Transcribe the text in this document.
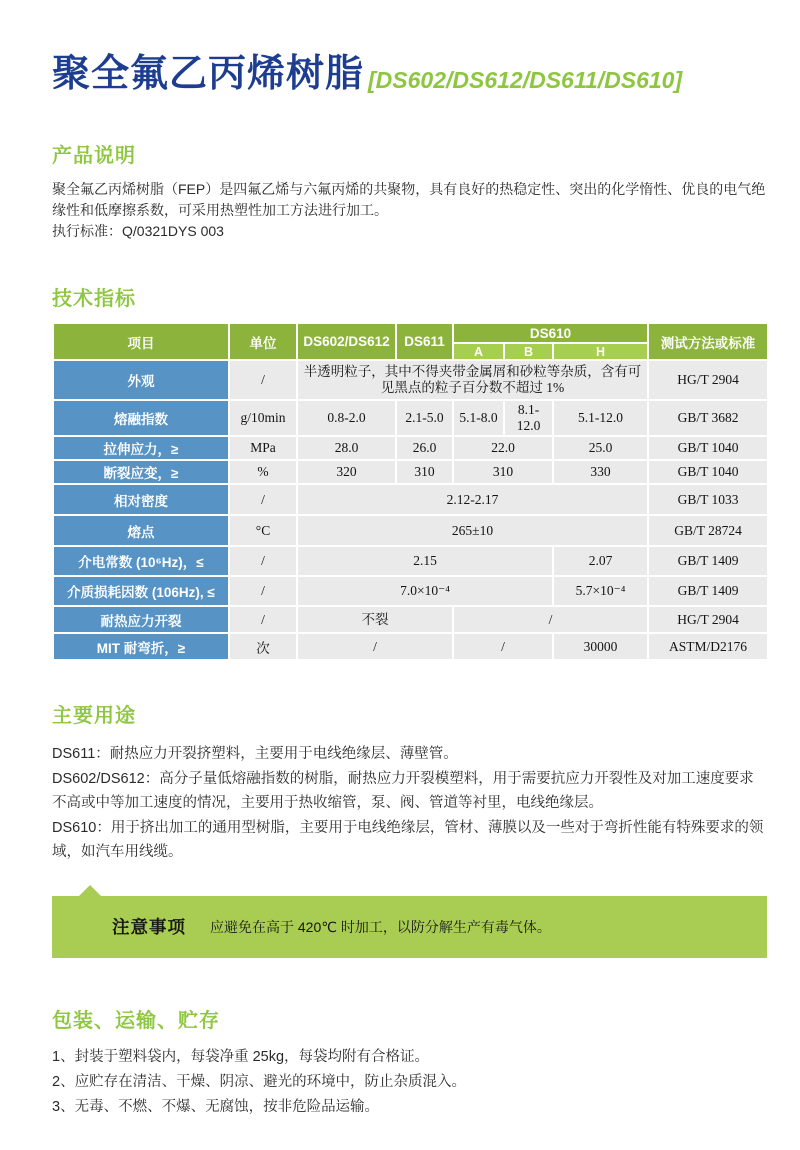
聚全氟乙丙烯树脂 [DS602/DS612/DS611/DS610]
产品说明

聚全氟乙丙烯树脂（FEP）是四氟乙烯与六氟丙烯的共聚物，具有良好的热稳定性、突出的化学惰性、优良的电气绝缘性和低摩擦系数，可采用热塑性加工方法进行加工。

执行标准：Q/0321DYS 003

技术指标
项目	单位	DS602/DS612	DS611	DS610			测试方法或标准
				A	B	H	
外观	/	半透明粒子，其中不得夹带金属屑和砂粒等杂质，含有可见黑点的粒子百分数不超过 1%					HG/T 2904
熔融指数	g/10min	0.8-2.0	2.1-5.0	5.1-8.0	8.1-12.0	5.1-12.0	GB/T 3682
拉伸应力，≥	MPa	28.0	26.0	22.0		25.0	GB/T 1040
断裂应变，≥	%	320	310	310		330	GB/T 1040
相对密度	/	2.12-2.17					GB/T 1033
熔点	°C	265±10					GB/T 28724
介电常数 (10⁶Hz)，≤	/	2.15				2.07	GB/T 1409
介质损耗因数 (106Hz), ≤	/	7.0×10⁻⁴				5.7×10⁻⁴	GB/T 1409
耐热应力开裂	/	不裂		/			HG/T 2904
MIT 耐弯折，≥	次	/		/		30000	ASTM/D2176
主要用途

DS611：耐热应力开裂挤塑料，主要用于电线绝缘层、薄壁管。

DS602/DS612：高分子量低熔融指数的树脂，耐热应力开裂模塑料，用于需要抗应力开裂性及对加工速度要求不高或中等加工速度的情况，主要用于热收缩管，泵、阀、管道等衬里，电线绝缘层。

DS610：用于挤出加工的通用型树脂，主要用于电线绝缘层，管材、薄膜以及一些对于弯折性能有特殊要求的领域，如汽车用线缆。

注意事项 应避免在高于 420℃ 时加工，以防分解生产有毒气体。
包装、运输、贮存

1、封装于塑料袋内，每袋净重 25kg，每袋均附有合格证。

2、应贮存在清洁、干燥、阴凉、避光的环境中，防止杂质混入。

3、无毒、不燃、不爆、无腐蚀，按非危险品运输。
